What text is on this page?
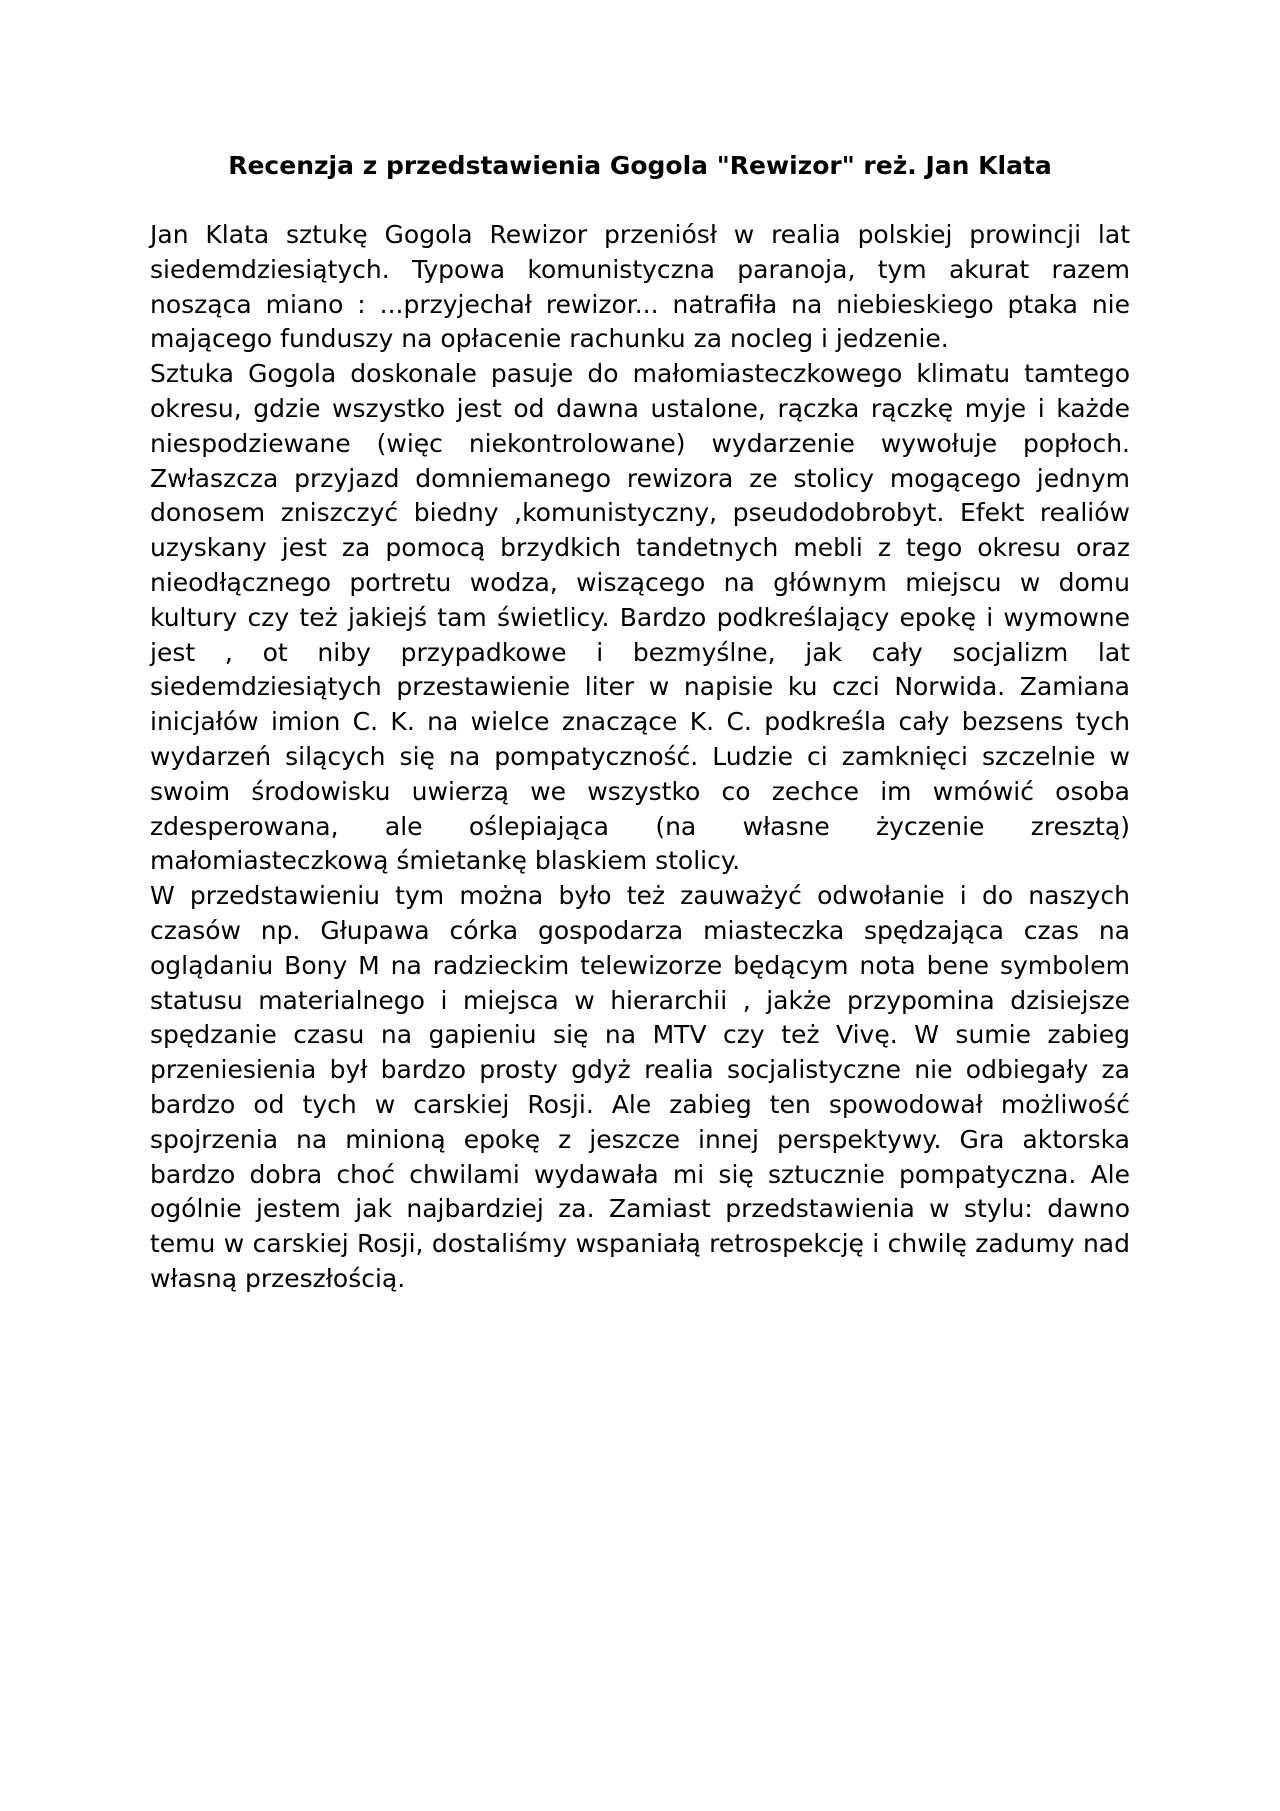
Recenzja z przedstawienia Gogola "Rewizor" reż. Jan Klata

Jan Klata sztukę Gogola Rewizor przeniósł w realia polskiej prowincji lat siedemdziesiątych. Typowa komunistyczna paranoja, tym akurat razem nosząca miano : ...przyjechał rewizor... natrafiła na niebieskiego ptaka nie mającego funduszy na opłacenie rachunku za nocleg i jedzenie.

Sztuka Gogola doskonale pasuje do małomiasteczkowego klimatu tamtego okresu, gdzie wszystko jest od dawna ustalone, rączka rączkę myje i każde niespodziewane (więc niekontrolowane) wydarzenie wywołuje popłoch. Zwłaszcza przyjazd domniemanego rewizora ze stolicy mogącego jednym donosem zniszczyć biedny ,komunistyczny, pseudodobrobyt. Efekt realiów uzyskany jest za pomocą brzydkich tandetnych mebli z tego okresu oraz nieodłącznego portretu wodza, wiszącego na głównym miejscu w domu kultury czy też jakiejś tam świetlicy. Bardzo podkreślający epokę i wymowne jest , ot niby przypadkowe i bezmyślne, jak cały socjalizm lat siedemdziesiątych przestawienie liter w napisie ku czci Norwida. Zamiana inicjałów imion C. K. na wielce znaczące K. C. podkreśla cały bezsens tych wydarzeń silących się na pompatyczność. Ludzie ci zamknięci szczelnie w swoim środowisku uwierzą we wszystko co zechce im wmówić osoba zdesperowana, ale oślepiająca (na własne życzenie zresztą) małomiasteczkową śmietankę blaskiem stolicy.

W przedstawieniu tym można było też zauważyć odwołanie i do naszych czasów np. Głupawa córka gospodarza miasteczka spędzająca czas na oglądaniu Bony M na radzieckim telewizorze będącym nota bene symbolem statusu materialnego i miejsca w hierarchii , jakże przypomina dzisiejsze spędzanie czasu na gapieniu się na MTV czy też Vivę. W sumie zabieg przeniesienia był bardzo prosty gdyż realia socjalistyczne nie odbiegały za bardzo od tych w carskiej Rosji. Ale zabieg ten spowodował możliwość spojrzenia na minioną epokę z jeszcze innej perspektywy. Gra aktorska bardzo dobra choć chwilami wydawała mi się sztucznie pompatyczna. Ale ogólnie jestem jak najbardziej za. Zamiast przedstawienia w stylu: dawno temu w carskiej Rosji, dostaliśmy wspaniałą retrospekcję i chwilę zadumy nad własną przeszłością.
